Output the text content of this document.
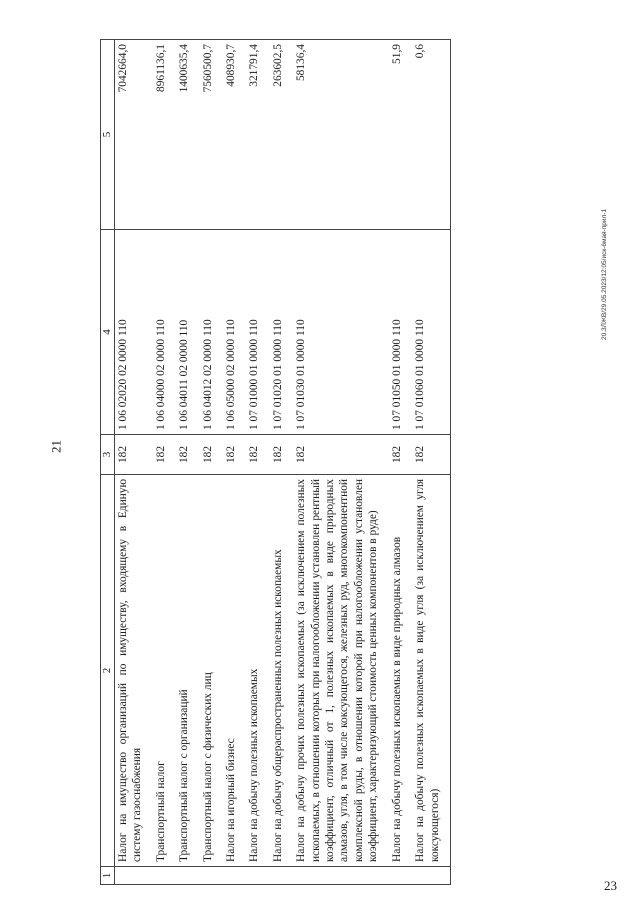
21
23
20.3ЛЖВ/29.05.2023/12:05/иск-6мая-прил-1
1	2	3	4	5
	Налог на имущество организаций по имуществу, входящему в Единую систему газоснабжения	182	1 06 02020 02 0000 110	7042664,0
	Транспортный налог	182	1 06 04000 02 0000 110	8961136,1
	Транспортный налог с организаций	182	1 06 04011 02 0000 110	1400635,4
	Транспортный налог с физических лиц	182	1 06 04012 02 0000 110	7560500,7
	Налог на игорный бизнес	182	1 06 05000 02 0000 110	408930,7
	Налог на добычу полезных ископаемых	182	1 07 01000 01 0000 110	321791,4
	Налог на добычу общераспространенных полезных ископаемых	182	1 07 01020 01 0000 110	263602,5
	Налог на добычу прочих полезных ископаемых (за исключением полезных ископаемых, в отношении которых при налогообложении установлен рентный коэффициент, отличный от 1, полезных ископаемых в виде природных алмазов, угля, в том числе коксующегося, железных руд, многокомпонентной комплексной руды, в отношении которой при налогообложении установлен коэффициент, характеризующий стоимость ценных компонентов в руде)	182	1 07 01030 01 0000 110	58136,4
	Налог на добычу полезных ископаемых в виде природных алмазов	182	1 07 01050 01 0000 110	51,9
	Налог на добычу полезных ископаемых в виде угля (за исключением угля коксующегося)	182	1 07 01060 01 0000 110	0,6
